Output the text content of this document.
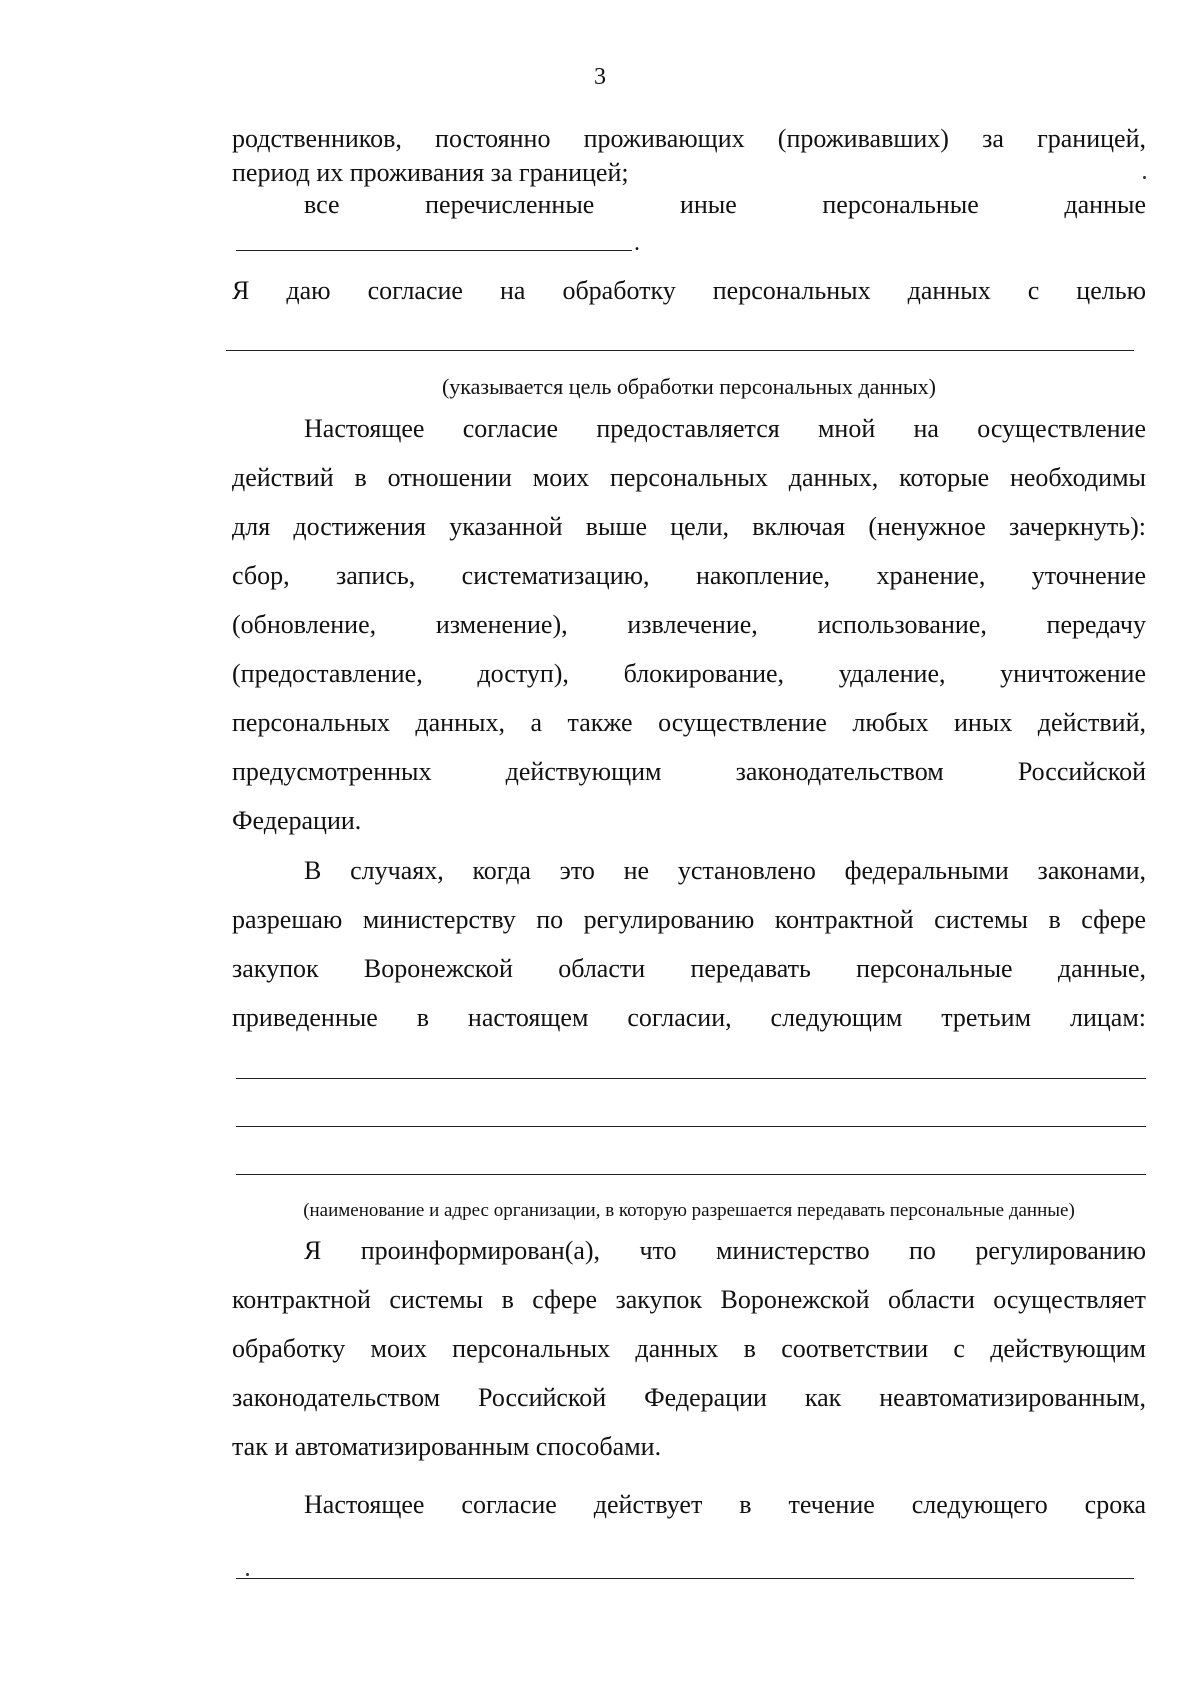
3
родственников, постоянно проживающих (проживавших) за границей,
период их проживания за границей;
все перечисленные иные персональные данные
.
Я даю согласие на обработку персональных данных с целью
(указывается цель обработки персональных данных)
Настоящее согласие предоставляется мной на осуществление
действий в отношении моих персональных данных, которые необходимы
для достижения указанной выше цели, включая (ненужное зачеркнуть):
сбор, запись, систематизацию, накопление, хранение, уточнение
(обновление, изменение), извлечение, использование, передачу
(предоставление, доступ), блокирование, удаление, уничтожение
персональных данных, а также осуществление любых иных действий,
предусмотренных действующим законодательством Российской
Федерации.
В случаях, когда это не установлено федеральными законами,
разрешаю министерству по регулированию контрактной системы в сфере
закупок Воронежской области передавать персональные данные,
приведенные в настоящем согласии, следующим третьим лицам:
(наименование и адрес организации, в которую разрешается передавать персональные данные)
Я проинформирован(а), что министерство по регулированию
контрактной системы в сфере закупок Воронежской области осуществляет
обработку моих персональных данных в соответствии с действующим
законодательством Российской Федерации как неавтоматизированным,
так и автоматизированным способами.
Настоящее согласие действует в течение следующего срока
